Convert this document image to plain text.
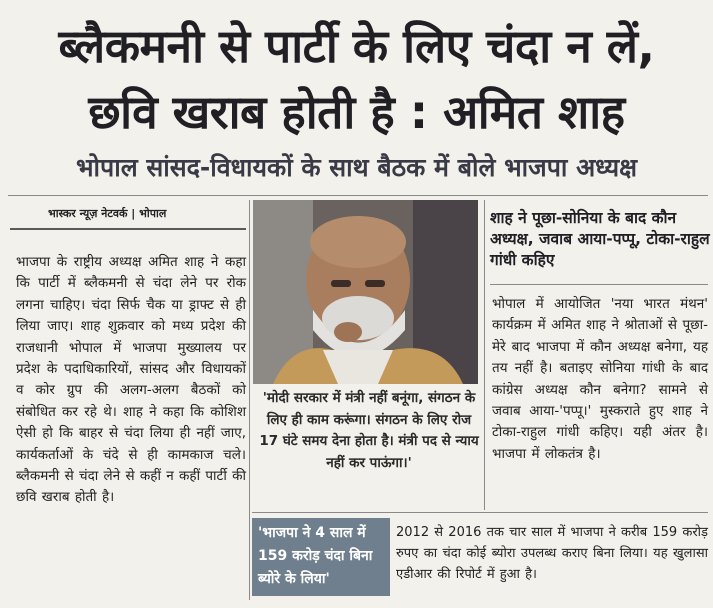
ब्लैकमनी से पार्टी के लिए चंदा न लें,
छवि खराब होती है : अमित शाह
भोपाल सांसद-विधायकों के साथ बैठक में बोले भाजपा अध्यक्ष
भास्कर न्यूज़ नेटवर्क | भोपाल
भाजपा के राष्ट्रीय अध्यक्ष अमित शाह ने कहा कि पार्टी में ब्लैकमनी से चंदा लेने पर रोक लगना चाहिए। चंदा सिर्फ चैक या ड्राफ्ट से ही लिया जाए। शाह शुक्रवार को मध्य प्रदेश की राजधानी भोपाल में भाजपा मुख्यालय पर प्रदेश के पदाधिकारियों, सांसद और विधायकों व कोर ग्रुप की अलग-अलग बैठकों को संबोधित कर रहे थे। शाह ने कहा कि कोशिश ऐसी हो कि बाहर से चंदा लिया ही नहीं जाए, कार्यकर्ताओं के चंदे से ही कामकाज चले। ब्लैकमनी से चंदा लेने से कहीं न कहीं पार्टी की छवि खराब होती है।
'मोदी सरकार में मंत्री नहीं बनूंगा, संगठन के लिए ही काम करूंगा। संगठन के लिए रोज 17 घंटे समय देना होता है। मंत्री पद से न्याय नहीं कर पाऊंगा।'
शाह ने पूछा-सोनिया के बाद कौन अध्यक्ष, जवाब आया-पप्पू, टोका-राहुल गांधी कहिए
भोपाल में आयोजित 'नया भारत मंथन' कार्यक्रम में अमित शाह ने श्रोताओं से पूछा- मेरे बाद भाजपा में कौन अध्यक्ष बनेगा, यह तय नहीं है। बताइए सोनिया गांधी के बाद कांग्रेस अध्यक्ष कौन बनेगा? सामने से जवाब आया-'पप्पू।' मुस्कराते हुए शाह ने टोका-राहुल गांधी कहिए। यही अंतर है। भाजपा में लोकतंत्र है।
'भाजपा ने 4 साल में 159 करोड़ चंदा बिना ब्योरे के लिया'
2012 से 2016 तक चार साल में भाजपा ने करीब 159 करोड़ रुपए का चंदा कोई ब्योरा उपलब्ध कराए बिना लिया। यह खुलासा एडीआर की रिपोर्ट में हुआ है।
